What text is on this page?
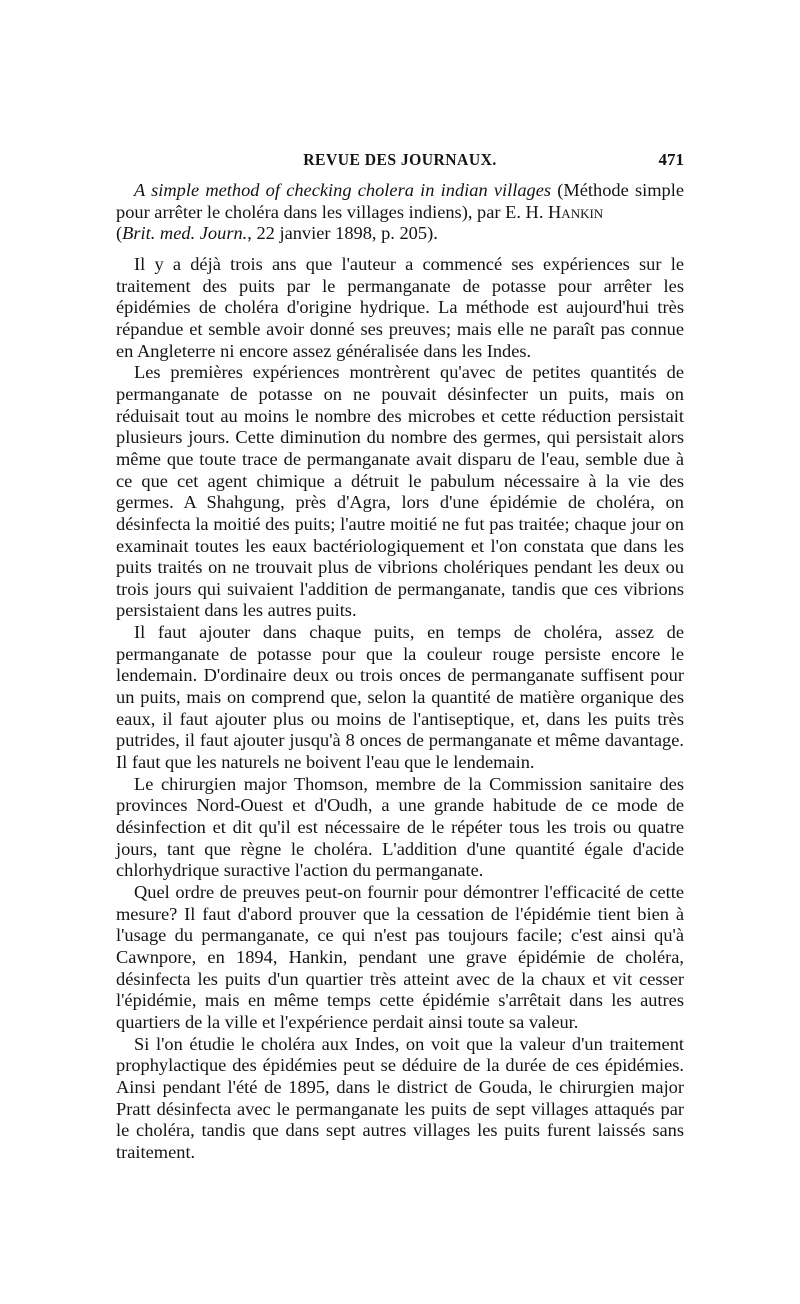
REVUE DES JOURNAUX.	471

A simple method of checking cholera in indian villages (Méthode simple pour arrêter le choléra dans les villages indiens), par E. H. Hankin
(Brit. med. Journ., 22 janvier 1898, p. 205).

Il y a déjà trois ans que l'auteur a commencé ses expériences sur le traitement des puits par le permanganate de potasse pour arrêter les épidémies de choléra d'origine hydrique. La méthode est aujourd'hui très répandue et semble avoir donné ses preuves; mais elle ne paraît pas connue en Angleterre ni encore assez généralisée dans les Indes.

Les premières expériences montrèrent qu'avec de petites quantités de permanganate de potasse on ne pouvait désinfecter un puits, mais on réduisait tout au moins le nombre des microbes et cette réduction persistait plusieurs jours. Cette diminution du nombre des germes, qui persistait alors même que toute trace de permanganate avait disparu de l'eau, semble due à ce que cet agent chimique a détruit le pabulum nécessaire à la vie des germes. A Shahgung, près d'Agra, lors d'une épidémie de choléra, on désinfecta la moitié des puits; l'autre moitié ne fut pas traitée; chaque jour on examinait toutes les eaux bactériologiquement et l'on constata que dans les puits traités on ne trouvait plus de vibrions cholériques pendant les deux ou trois jours qui suivaient l'addition de permanganate, tandis que ces vibrions persistaient dans les autres puits.

Il faut ajouter dans chaque puits, en temps de choléra, assez de permanganate de potasse pour que la couleur rouge persiste encore le lendemain. D'ordinaire deux ou trois onces de permanganate suffisent pour un puits, mais on comprend que, selon la quantité de matière organique des eaux, il faut ajouter plus ou moins de l'antiseptique, et, dans les puits très putrides, il faut ajouter jusqu'à 8 onces de permanganate et même davantage. Il faut que les naturels ne boivent l'eau que le lendemain.

Le chirurgien major Thomson, membre de la Commission sanitaire des provinces Nord-Ouest et d'Oudh, a une grande habitude de ce mode de désinfection et dit qu'il est nécessaire de le répéter tous les trois ou quatre jours, tant que règne le choléra. L'addition d'une quantité égale d'acide chlorhydrique suractive l'action du permanganate.

Quel ordre de preuves peut-on fournir pour démontrer l'efficacité de cette mesure? Il faut d'abord prouver que la cessation de l'épidémie tient bien à l'usage du permanganate, ce qui n'est pas toujours facile; c'est ainsi qu'à Cawnpore, en 1894, Hankin, pendant une grave épidémie de choléra, désinfecta les puits d'un quartier très atteint avec de la chaux et vit cesser l'épidémie, mais en même temps cette épidémie s'arrêtait dans les autres quartiers de la ville et l'expérience perdait ainsi toute sa valeur.

Si l'on étudie le choléra aux Indes, on voit que la valeur d'un traitement prophylactique des épidémies peut se déduire de la durée de ces épidémies. Ainsi pendant l'été de 1895, dans le district de Gouda, le chirurgien major Pratt désinfecta avec le permanganate les puits de sept villages attaqués par le choléra, tandis que dans sept autres villages les puits furent laissés sans traitement.
